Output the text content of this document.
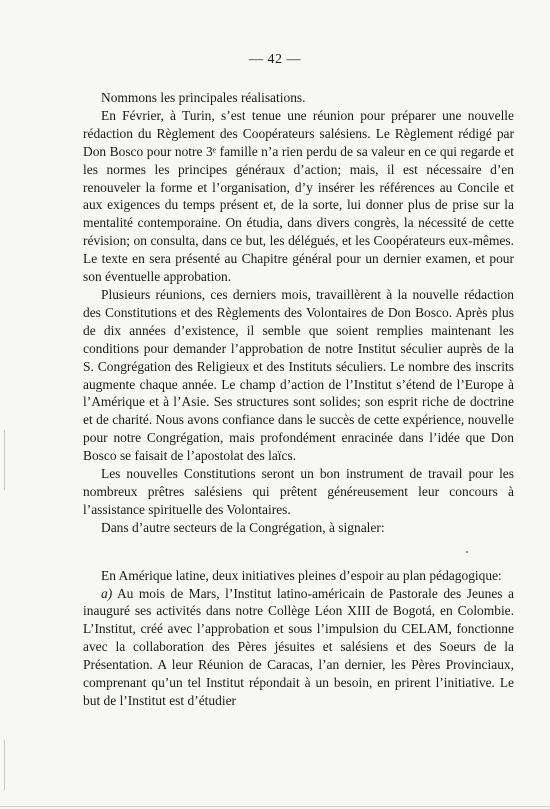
— 42 —

Nommons les principales réalisations.

En Février, à Turin, s’est tenue une réunion pour préparer une nouvelle rédaction du Règlement des Coopérateurs salésiens. Le Règlement rédigé par Don Bosco pour notre 3ᵉ famille n’a rien perdu de sa valeur en ce qui regarde et les normes les principes généraux d’action; mais, il est nécessaire d’en renouveler la forme et l’organisation, d’y insérer les références au Concile et aux exigences du temps présent et, de la sorte, lui donner plus de prise sur la mentalité contemporaine. On étudia, dans divers congrès, la nécessité de cette révision; on consulta, dans ce but, les délégués, et les Coopérateurs eux-mêmes. Le texte en sera présenté au Chapitre général pour un dernier examen, et pour son éventuelle approbation.

Plusieurs réunions, ces derniers mois, travaillèrent à la nouvelle rédaction des Constitutions et des Règlements des Volontaires de Don Bosco. Après plus de dix années d’existence, il semble que soient remplies maintenant les conditions pour demander l’approbation de notre Institut séculier auprès de la S. Congrégation des Religieux et des Instituts séculiers. Le nombre des inscrits augmente chaque année. Le champ d’action de l’Institut s’étend de l’Europe à l’Amérique et à l’Asie. Ses structures sont solides; son esprit riche de doctrine et de charité. Nous avons confiance dans le succès de cette expérience, nouvelle pour notre Congrégation, mais profondément enracinée dans l’idée que Don Bosco se faisait de l’apostolat des laïcs.

Les nouvelles Constitutions seront un bon instrument de travail pour les nombreux prêtres salésiens qui prêtent généreusement leur concours à l’assistance spirituelle des Volontaires.

Dans d’autre secteurs de la Congrégation, à signaler:

En Amérique latine, deux initiatives pleines d’espoir au plan pédagogique:

a) Au mois de Mars, l’Institut latino-américain de Pastorale des Jeunes a inauguré ses activités dans notre Collège Léon XIII de Bogotá, en Colombie. L’Institut, créé avec l’approbation et sous l’impulsion du CELAM, fonctionne avec la collaboration des Pères jésuites et salésiens et des Soeurs de la Présentation. A leur Réunion de Caracas, l’an dernier, les Pères Provinciaux, comprenant qu’un tel Institut répondait à un besoin, en prirent l’initiative. Le but de l’Institut est d’étudier
